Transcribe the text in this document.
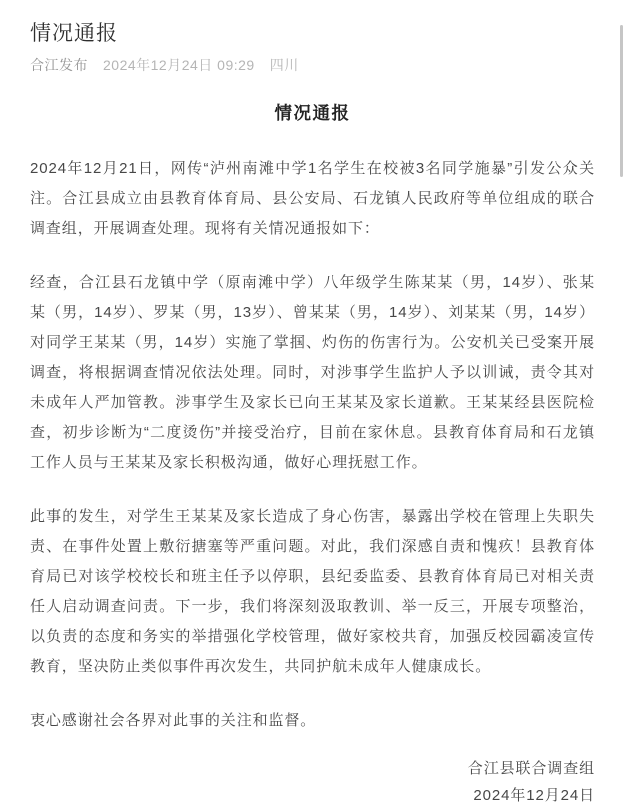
情况通报
合江发布 2024年12月24日 09:29 四川
情况通报

2024年12月21日，网传“泸州南滩中学1名学生在校被3名同学施暴”引发公众关注。合江县成立由县教育体育局、县公安局、石龙镇人民政府等单位组成的联合调查组，开展调查处理。现将有关情况通报如下：

经查，合江县石龙镇中学（原南滩中学）八年级学生陈某某（男，14岁）、张某某（男，14岁）、罗某（男，13岁）、曾某某（男，14岁）、刘某某（男，14岁）对同学王某某（男，14岁）实施了掌掴、灼伤的伤害行为。公安机关已受案开展调查，将根据调查情况依法处理。同时，对涉事学生监护人予以训诫，责令其对未成年人严加管教。涉事学生及家长已向王某某及家长道歉。王某某经县医院检查，初步诊断为“二度烫伤”并接受治疗，目前在家休息。县教育体育局和石龙镇工作人员与王某某及家长积极沟通，做好心理抚慰工作。

此事的发生，对学生王某某及家长造成了身心伤害，暴露出学校在管理上失职失责、在事件处置上敷衍搪塞等严重问题。对此，我们深感自责和愧疚！县教育体育局已对该学校校长和班主任予以停职，县纪委监委、县教育体育局已对相关责任人启动调查问责。下一步，我们将深刻汲取教训、举一反三，开展专项整治，以负责的态度和务实的举措强化学校管理，做好家校共育，加强反校园霸凌宣传教育，坚决防止类似事件再次发生，共同护航未成年人健康成长。

衷心感谢社会各界对此事的关注和监督。

合江县联合调查组

2024年12月24日
